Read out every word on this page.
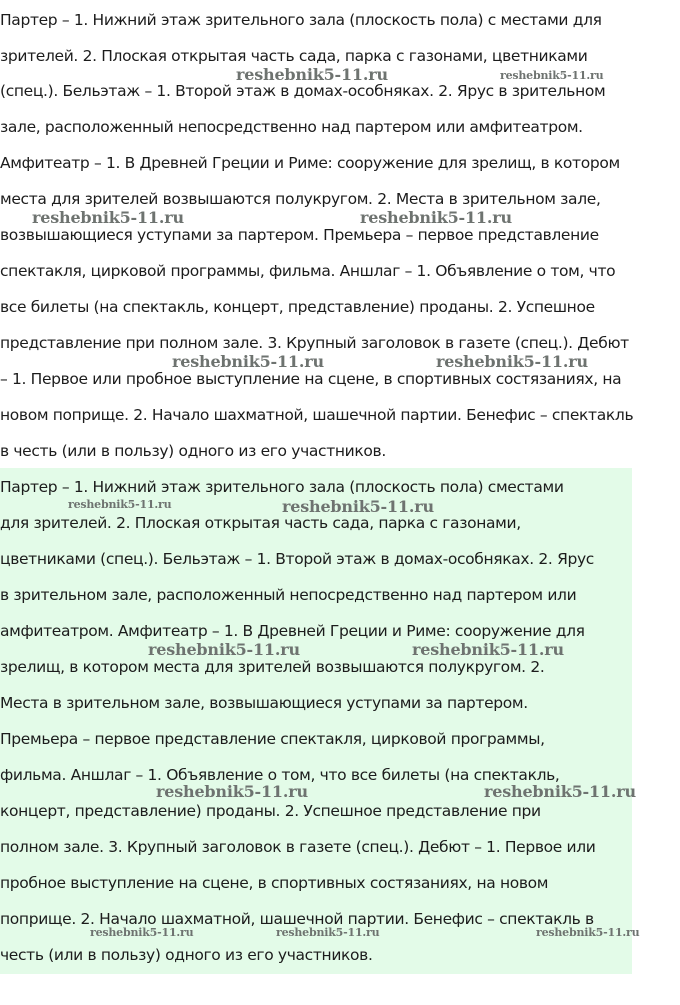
Партер – 1. Нижний этаж зрительного зала (плоскость пола) с местами для
зрителей. 2. Плоская открытая часть сада, парка с газонами, цветниками
(спец.). Бельэтаж – 1. Второй этаж в домах-особняках. 2. Ярус в зрительном
зале, расположенный непосредственно над партером или амфитеатром.
Амфитеатр – 1. В Древней Греции и Риме: сооружение для зрелищ, в котором
места для зрителей возвышаются полукругом. 2. Места в зрительном зале,
возвышающиеся уступами за партером. Премьера – первое представление
спектакля, цирковой программы, фильма. Аншлаг – 1. Объявление о том, что
все билеты (на спектакль, концерт, представление) проданы. 2. Успешное
представление при полном зале. 3. Крупный заголовок в газете (спец.). Дебют
– 1. Первое или пробное выступление на сцене, в спортивных состязаниях, на
новом поприще. 2. Начало шахматной, шашечной партии. Бенефис – спектакль
в честь (или в пользу) одного из его участников.
Партер – 1. Нижний этаж зрительного зала (плоскость пола) сместами
для зрителей. 2. Плоская открытая часть сада, парка с газонами,
цветниками (спец.). Бельэтаж – 1. Второй этаж в домах-особняках. 2. Ярус
в зрительном зале, расположенный непосредственно над партером или
амфитеатром. Амфитеатр – 1. В Древней Греции и Риме: сооружение для
зрелищ, в котором места для зрителей возвышаются полукругом. 2.
Места в зрительном зале, возвышающиеся уступами за партером.
Премьера – первое представление спектакля, цирковой программы,
фильма. Аншлаг – 1. Объявление о том, что все билеты (на спектакль,
концерт, представление) проданы. 2. Успешное представление при
полном зале. 3. Крупный заголовок в газете (спец.). Дебют – 1. Первое или
пробное выступление на сцене, в спортивных состязаниях, на новом
поприще. 2. Начало шахматной, шашечной партии. Бенефис – спектакль в
честь (или в пользу) одного из его участников.
reshebnik5-11.ru	reshebnik5-11.ru
reshebnik5-11.ru	reshebnik5-11.ru
reshebnik5-11.ru	reshebnik5-11.ru
reshebnik5-11.ru	reshebnik5-11.ru
reshebnik5-11.ru	reshebnik5-11.ru
reshebnik5-11.ru	reshebnik5-11.ru
reshebnik5-11.ru	reshebnik5-11.ru	reshebnik5-11.ru
